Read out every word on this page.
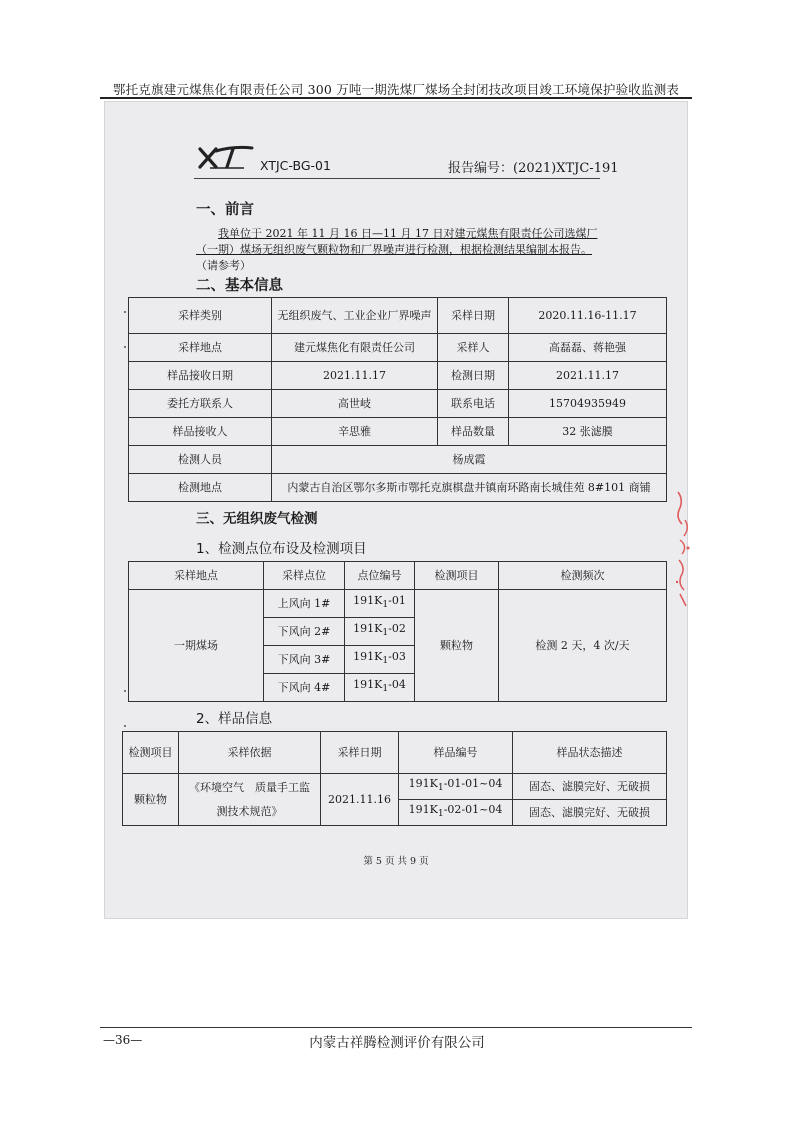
鄂托克旗建元煤焦化有限责任公司 300 万吨一期洗煤厂煤场全封闭技改项目竣工环境保护验收监测表
XTJC-BG-01	报告编号：(2021)XTJC-191
一、前言
我单位于 2021 年 11 月 16 日—11 月 17 日对建元煤焦有限责任公司选煤厂
（一期）煤场无组织废气颗粒物和厂界噪声进行检测，根据检测结果编制本报告。
（请参考）
二、基本信息
采样类别	无组织废气、工业企业厂界噪声	采样日期	2020.11.16-11.17
采样地点	建元煤焦化有限责任公司	采样人	高磊磊、蒋艳强
样品接收日期	2021.11.17	检测日期	2021.11.17
委托方联系人	高世岐	联系电话	15704935949
样品接收人	辛思雅	样品数量	32 张滤膜
检测人员	杨成霞		
检测地点	内蒙古自治区鄂尔多斯市鄂托克旗棋盘井镇南环路南长城佳苑 8#101 商铺		
三、无组织废气检测
1、检测点位布设及检测项目
采样地点	采样点位	点位编号	检测项目	检测频次
一期煤场	上风向 1#	$191K_1-01$	颗粒物	检测 2 天，4 次/天
	下风向 2#	$191K_1-02$		
	下风向 3#	$191K_1-03$		
	下风向 4#	$191K_1-04$		
2、样品信息
检测项目	采样依据	采样日期	样品编号	样品状态描述
颗粒物	《环境空气　质量手工监
测技术规范》	2021.11.16	$191K_1-01-01\sim 04$	固态、滤膜完好、无破损
			$191K_1-02-01\sim 04$	固态、滤膜完好、无破损
第 5 页 共 9 页
—36—	内蒙古祥腾检测评价有限公司
